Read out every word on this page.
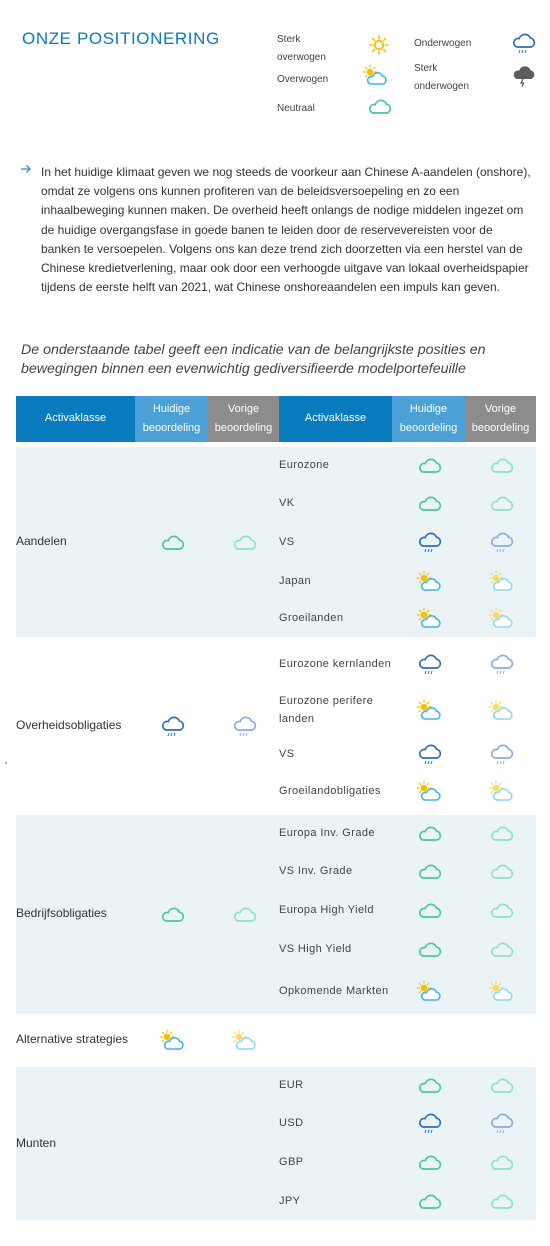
ONZE POSITIONERING	Sterk overwogen
Overwogen
Neutraal
Onderwogen
Sterk onderwogen

In het huidige klimaat geven we nog steeds de voorkeur aan Chinese A-aandelen (onshore), omdat ze volgens ons kunnen profiteren van de beleidsversoepeling en zo een inhaalbeweging kunnen maken. De overheid heeft onlangs de nodige middelen ingezet om de huidige overgangsfase in goede banen te leiden door de reservevereisten voor de banken te versoepelen. Volgens ons kan deze trend zich doorzetten via een herstel van de Chinese kredietverlening, maar ook door een verhoogde uitgave van lokaal overheidspapier tijdens de eerste helft van 2021, wat Chinese onshoreaandelen een impuls kan geven.

De onderstaande tabel geeft een indicatie van de belangrijkste posities en bewegingen binnen een evenwichtig gediversifieerde modelportefeuille

Activaklasse	Huidige beoordeling	Vorige beoordeling	Activaklasse	Huidige beoordeling	Vorige beoordeling
Aandelen			Eurozone		
			VK		
			VS		
			Japan		
			Groeilanden		
Overheidsobligaties			Eurozone kernlanden		
			Eurozone perifere landen		
			VS		
			Groeilandobligaties		
Bedrijfsobligaties			Europa Inv. Grade		
			VS Inv. Grade		
			Europa High Yield		
			VS High Yield		
			Opkomende Markten		
Alternative strategies					
Munten			EUR		
			USD		
			GBP		
			JPY		
